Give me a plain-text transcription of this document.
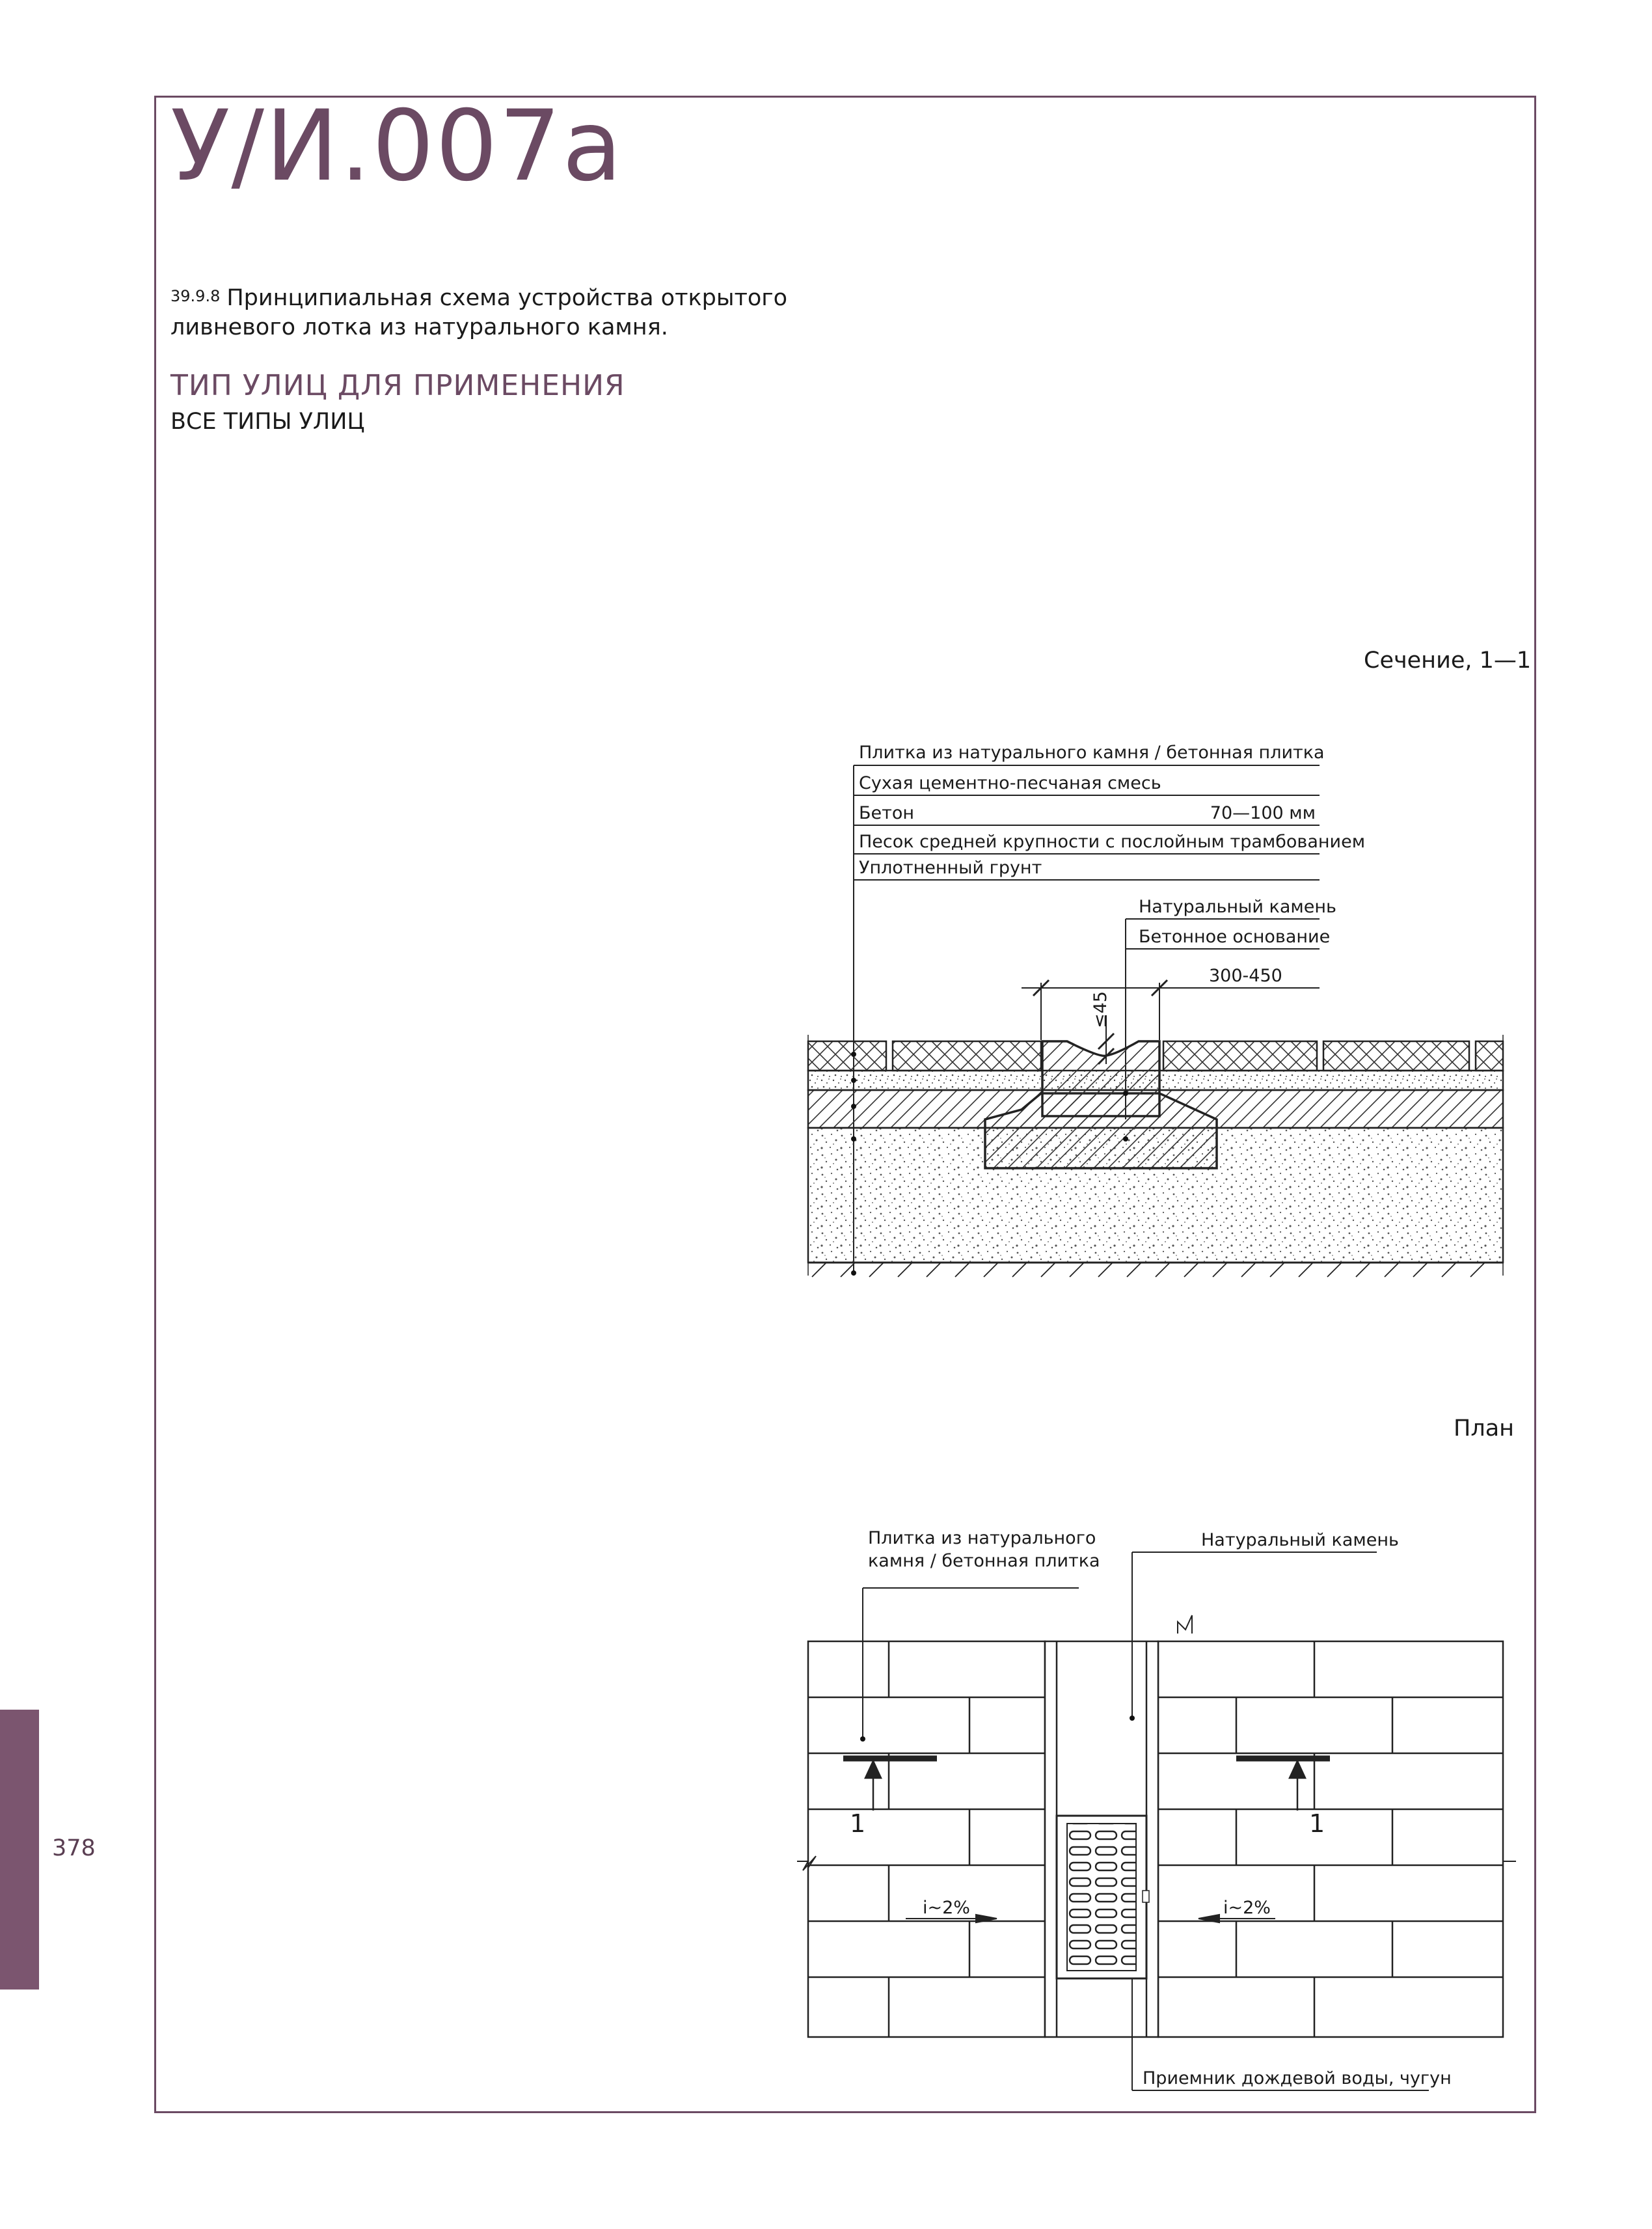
У/И.007а
39.9.8 Принципиальная схема устройства открытого
ливневого лотка из натурального камня.
ТИП УЛИЦ ДЛЯ ПРИМЕНЕНИЯ
ВСЕ ТИПЫ УЛИЦ
Сечение, 1—1
План
378
Плитка из натурального камня / бетонная плитка
Сухая цементно-песчаная смесь
Бетон	70—100 мм
Песок средней крупности с послойным трамбованием
Уплотненный грунт
Натуральный камень
Бетонное основание
300-450
≤45
Плитка из натурального
камня / бетонная плитка
Натуральный камень
1	1
i~2%	i~2%
Приемник дождевой воды, чугун
